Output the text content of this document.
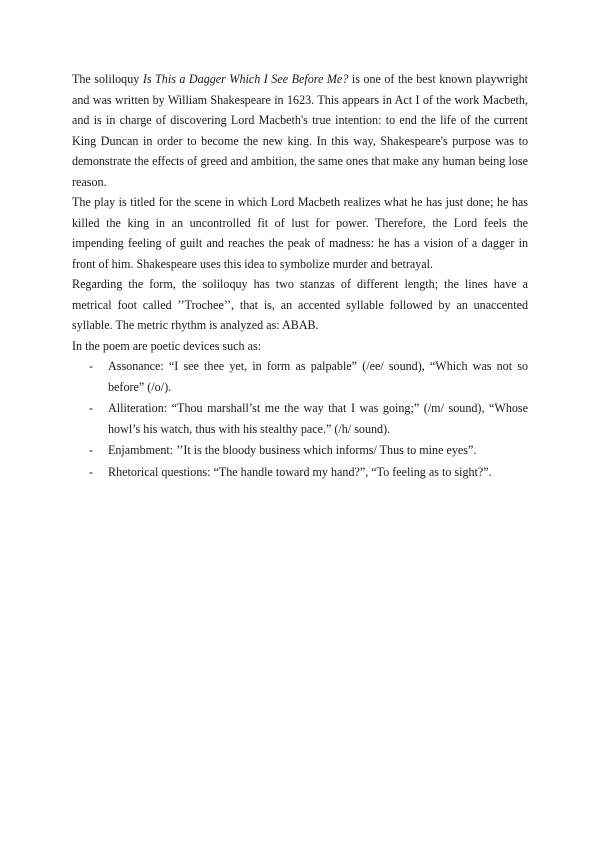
The soliloquy Is This a Dagger Which I See Before Me? is one of the best known playwright and was written by William Shakespeare in 1623. This appears in Act I of the work Macbeth, and is in charge of discovering Lord Macbeth's true intention: to end the life of the current King Duncan in order to become the new king. In this way, Shakespeare's purpose was to demonstrate the effects of greed and ambition, the same ones that make any human being lose reason.

The play is titled for the scene in which Lord Macbeth realizes what he has just done; he has killed the king in an uncontrolled fit of lust for power. Therefore, the Lord feels the impending feeling of guilt and reaches the peak of madness: he has a vision of a dagger in front of him. Shakespeare uses this idea to symbolize murder and betrayal.

Regarding the form, the soliloquy has two stanzas of different length; the lines have a metrical foot called ’’Trochee’’, that is, an accented syllable followed by an unaccented syllable. The metric rhythm is analyzed as: ABAB.

In the poem are poetic devices such as:

- Assonance: “I see thee yet, in form as palpable” (/ee/ sound), “Which was not so before” (/o/).
- Alliteration: “Thou marshall’st me the way that I was going;” (/m/ sound), “Whose howl’s his watch, thus with his stealthy pace.” (/h/ sound).
- Enjambment: ’’It is the bloody business which informs/ Thus to mine eyes”.
- Rhetorical questions: “The handle toward my hand?”, “To feeling as to sight?”.
